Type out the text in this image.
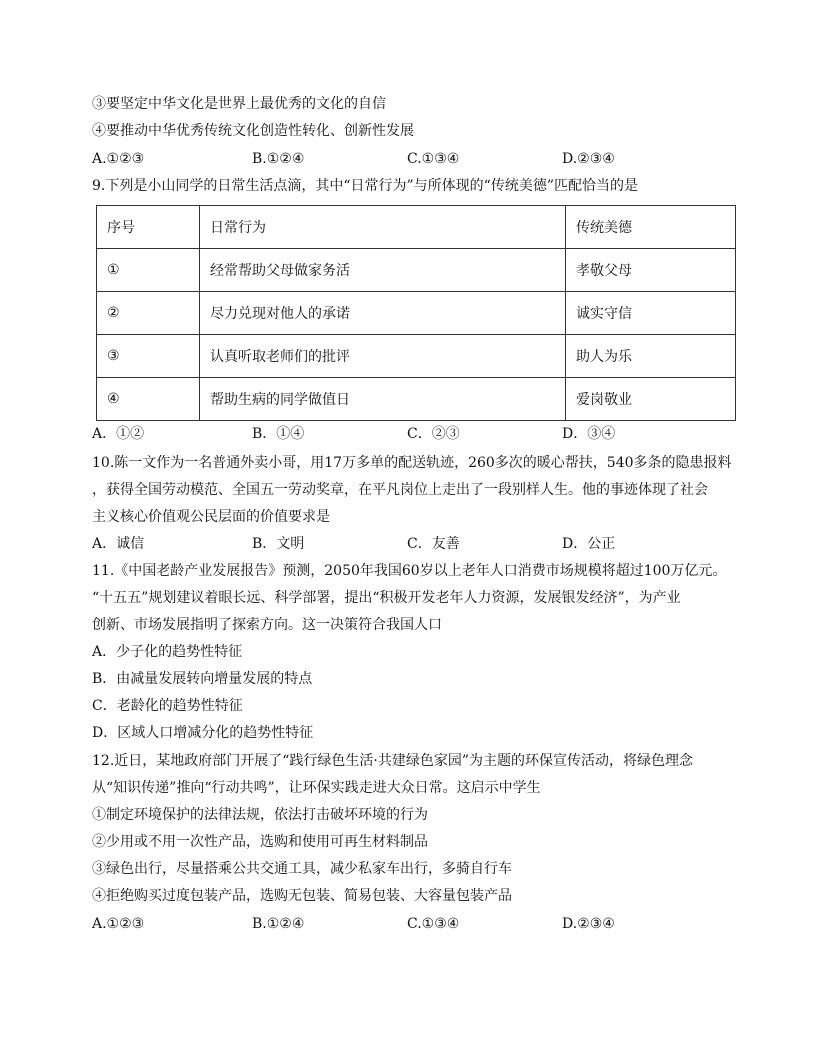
③要坚定中华文化是世界上最优秀的文化的自信
④要推动中华优秀传统文化创造性转化、创新性发展
A.①②③	B.①②④	C.①③④	D.②③④
9.下列是小山同学的日常生活点滴，其中“日常行为”与所体现的“传统美德”匹配恰当的是
序号	日常行为	传统美德
①	经常帮助父母做家务活	孝敬父母
②	尽力兑现对他人的承诺	诚实守信
③	认真听取老师们的批评	助人为乐
④	帮助生病的同学做值日	爱岗敬业
A．①②	B．①④	C．②③	D．③④
10.陈一文作为一名普通外卖小哥，用17万多单的配送轨迹，260多次的暖心帮扶，540多条的隐患报料
，获得全国劳动模范、全国五一劳动奖章，在平凡岗位上走出了一段别样人生。他的事迹体现了社会
主义核心价值观公民层面的价值要求是
A．诚信	B．文明	C．友善	D．公正
11.《中国老龄产业发展报告》预测，2050年我国60岁以上老年人口消费市场规模将超过100万亿元。
“十五五”规划建议着眼长远、科学部署，提出“积极开发老年人力资源，发展银发经济”，为产业
创新、市场发展指明了探索方向。这一决策符合我国人口
A．少子化的趋势性特征
B．由减量发展转向增量发展的特点
C．老龄化的趋势性特征
D．区域人口增减分化的趋势性特征
12.近日，某地政府部门开展了“践行绿色生活·共建绿色家园”为主题的环保宣传活动，将绿色理念
从“知识传递”推向“行动共鸣”，让环保实践走进大众日常。这启示中学生
①制定环境保护的法律法规，依法打击破坏环境的行为
②少用或不用一次性产品，选购和使用可再生材料制品
③绿色出行，尽量搭乘公共交通工具，减少私家车出行，多骑自行车
④拒绝购买过度包装产品，选购无包装、简易包装、大容量包装产品
A.①②③	B.①②④	C.①③④	D.②③④
